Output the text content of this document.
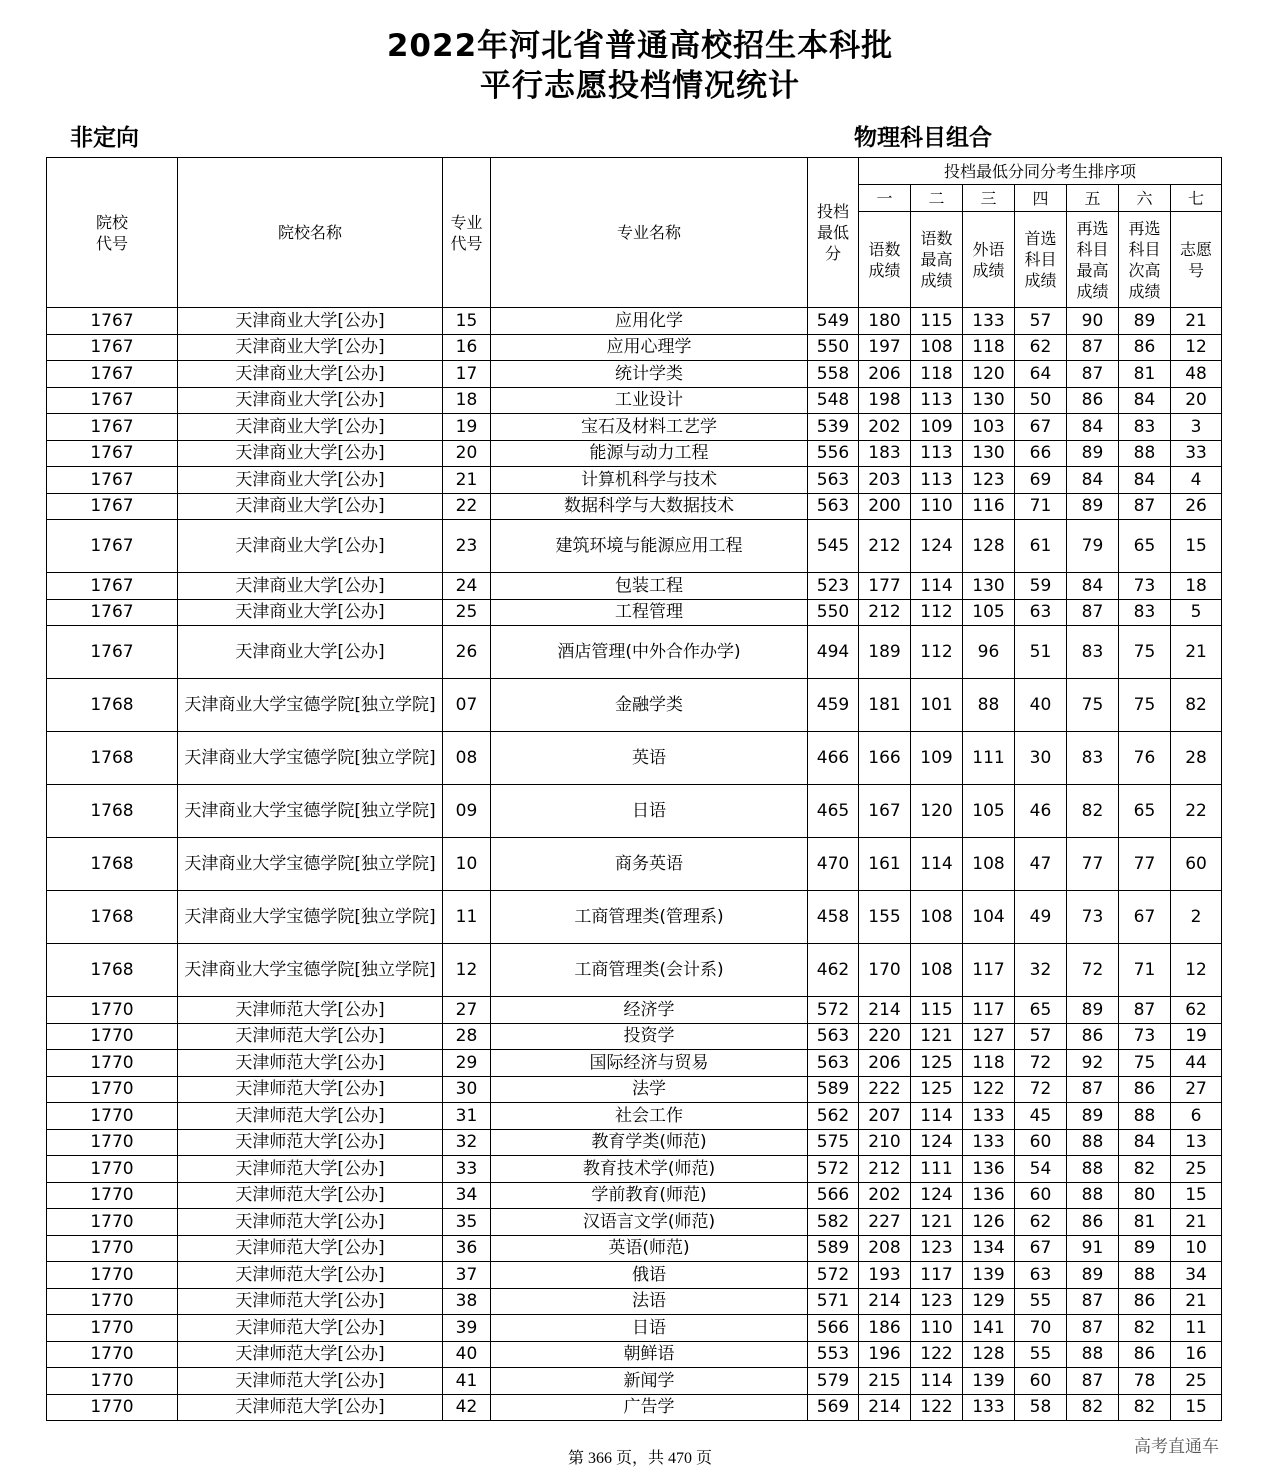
2022年河北省普通高校招生本科批
平行志愿投档情况统计
非定向	物理科目组合
院校代号	院校名称	专业代号	专业名称	投档最低分	投档最低分同分考生排序项						
					一	二	三	四	五	六	七

					语数成绩	语数最高成绩	外语成绩	首选科目成绩	再选科目最高成绩	再选科目次高成绩	志愿号

1767	天津商业大学[公办]	15	应用化学	549	180	115	133	57	90	89	21
1767	天津商业大学[公办]	16	应用心理学	550	197	108	118	62	87	86	12
1767	天津商业大学[公办]	17	统计学类	558	206	118	120	64	87	81	48
1767	天津商业大学[公办]	18	工业设计	548	198	113	130	50	86	84	20
1767	天津商业大学[公办]	19	宝石及材料工艺学	539	202	109	103	67	84	83	3
1767	天津商业大学[公办]	20	能源与动力工程	556	183	113	130	66	89	88	33
1767	天津商业大学[公办]	21	计算机科学与技术	563	203	113	123	69	84	84	4
1767	天津商业大学[公办]	22	数据科学与大数据技术	563	200	110	116	71	89	87	26
1767	天津商业大学[公办]	23	建筑环境与能源应用工程	545	212	124	128	61	79	65	15
1767	天津商业大学[公办]	24	包装工程	523	177	114	130	59	84	73	18
1767	天津商业大学[公办]	25	工程管理	550	212	112	105	63	87	83	5
1767	天津商业大学[公办]	26	酒店管理(中外合作办学)	494	189	112	96	51	83	75	21
1768	天津商业大学宝德学院[独立学院]	07	金融学类	459	181	101	88	40	75	75	82
1768	天津商业大学宝德学院[独立学院]	08	英语	466	166	109	111	30	83	76	28
1768	天津商业大学宝德学院[独立学院]	09	日语	465	167	120	105	46	82	65	22
1768	天津商业大学宝德学院[独立学院]	10	商务英语	470	161	114	108	47	77	77	60
1768	天津商业大学宝德学院[独立学院]	11	工商管理类(管理系)	458	155	108	104	49	73	67	2
1768	天津商业大学宝德学院[独立学院]	12	工商管理类(会计系)	462	170	108	117	32	72	71	12
1770	天津师范大学[公办]	27	经济学	572	214	115	117	65	89	87	62
1770	天津师范大学[公办]	28	投资学	563	220	121	127	57	86	73	19
1770	天津师范大学[公办]	29	国际经济与贸易	563	206	125	118	72	92	75	44
1770	天津师范大学[公办]	30	法学	589	222	125	122	72	87	86	27
1770	天津师范大学[公办]	31	社会工作	562	207	114	133	45	89	88	6
1770	天津师范大学[公办]	32	教育学类(师范)	575	210	124	133	60	88	84	13
1770	天津师范大学[公办]	33	教育技术学(师范)	572	212	111	136	54	88	82	25
1770	天津师范大学[公办]	34	学前教育(师范)	566	202	124	136	60	88	80	15
1770	天津师范大学[公办]	35	汉语言文学(师范)	582	227	121	126	62	86	81	21
1770	天津师范大学[公办]	36	英语(师范)	589	208	123	134	67	91	89	10
1770	天津师范大学[公办]	37	俄语	572	193	117	139	63	89	88	34
1770	天津师范大学[公办]	38	法语	571	214	123	129	55	87	86	21
1770	天津师范大学[公办]	39	日语	566	186	110	141	70	87	82	11
1770	天津师范大学[公办]	40	朝鲜语	553	196	122	128	55	88	86	16
1770	天津师范大学[公办]	41	新闻学	579	215	114	139	60	87	78	25
1770	天津师范大学[公办]	42	广告学	569	214	122	133	58	82	82	15
第 366 页，共 470 页
高考直通车
